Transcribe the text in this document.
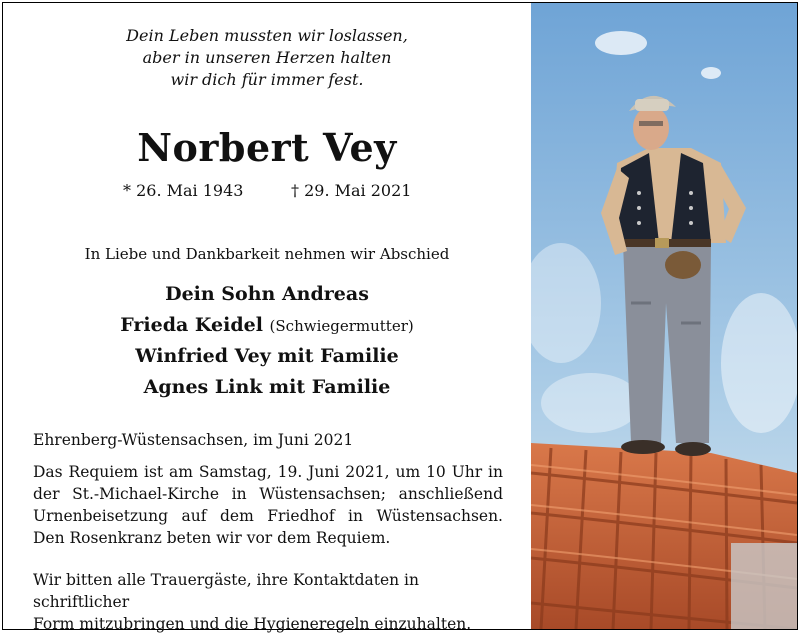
Dein Leben mussten wir loslassen,
aber in unseren Herzen halten
wir dich für immer fest.
Norbert Vey
* 26. Mai 1943	† 29. Mai 2021
In Liebe und Dankbarkeit nehmen wir Abschied
Dein Sohn Andreas
Frieda Keidel (Schwiegermutter)
Winfried Vey mit Familie
Agnes Link mit Familie
Ehrenberg-Wüstensachsen, im Juni 2021
Das Requiem ist am Samstag, 19. Juni 2021, um 10 Uhr in
der St.-Michael-Kirche in Wüstensachsen; anschließend
Urnenbeisetzung auf dem Friedhof in Wüstensachsen.
Den Rosenkranz beten wir vor dem Requiem.
Wir bitten alle Trauergäste, ihre Kontaktdaten in schriftlicher
Form mitzubringen und die Hygieneregeln einzuhalten.
